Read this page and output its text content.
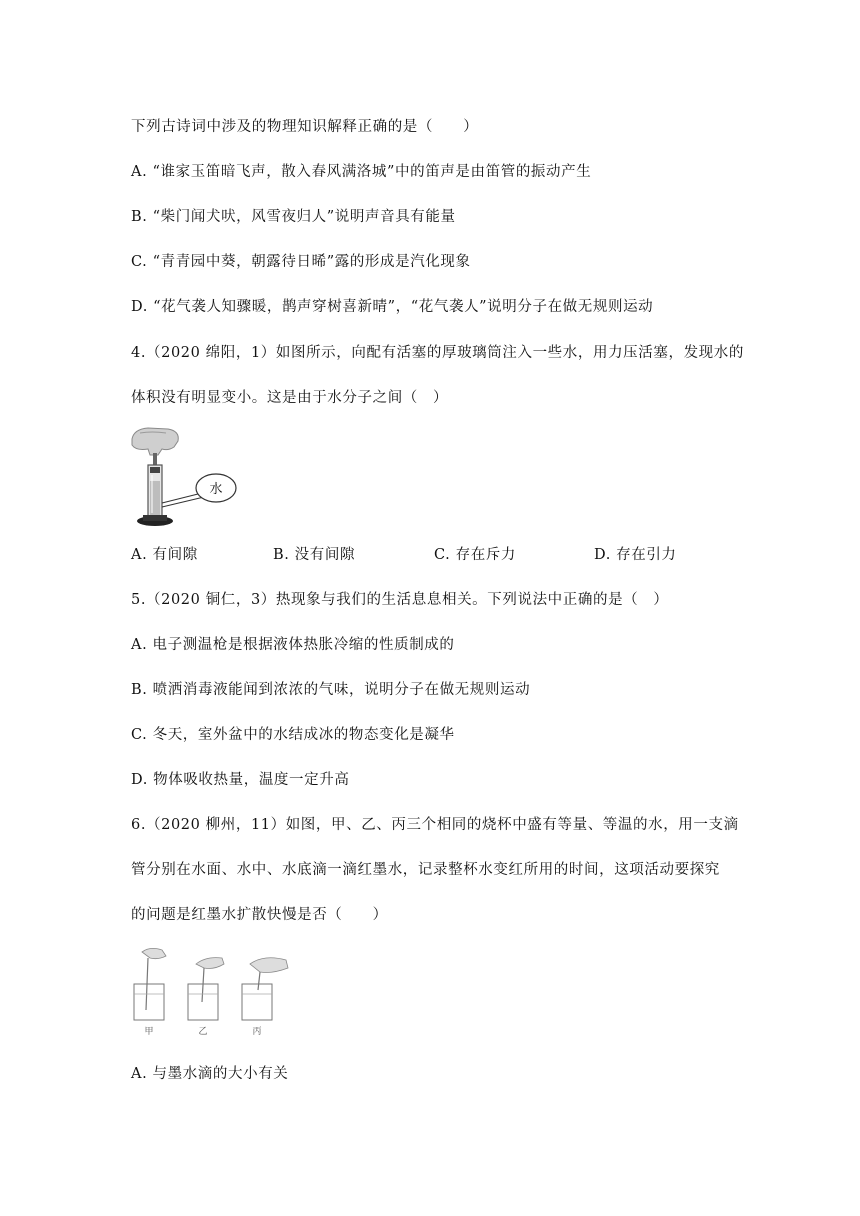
下列古诗词中涉及的物理知识解释正确的是（　　）
A. “谁家玉笛暗飞声，散入春风满洛城”中的笛声是由笛管的振动产生
B. “柴门闻犬吠，风雪夜归人”说明声音具有能量
C. “青青园中葵，朝露待日晞”露的形成是汽化现象
D. “花气袭人知骤暖，鹊声穿树喜新晴”，“花气袭人”说明分子在做无规则运动
4.（2020 绵阳，1）如图所示，向配有活塞的厚玻璃筒注入一些水，用力压活塞，发现水的
体积没有明显变小。这是由于水分子之间（　）
水
A. 有间隙	B. 没有间隙	C. 存在斥力	D. 存在引力
5.（2020 铜仁，3）热现象与我们的生活息息相关。下列说法中正确的是（　）
A. 电子测温枪是根据液体热胀冷缩的性质制成的
B. 喷洒消毒液能闻到浓浓的气味，说明分子在做无规则运动
C. 冬天，室外盆中的水结成冰的物态变化是凝华
D. 物体吸收热量，温度一定升高
6.（2020 柳州，11）如图，甲、乙、丙三个相同的烧杯中盛有等量、等温的水，用一支滴
管分别在水面、水中、水底滴一滴红墨水，记录整杯水变红所用的时间，这项活动要探究
的问题是红墨水扩散快慢是否（　　）
甲	乙	丙
A. 与墨水滴的大小有关
